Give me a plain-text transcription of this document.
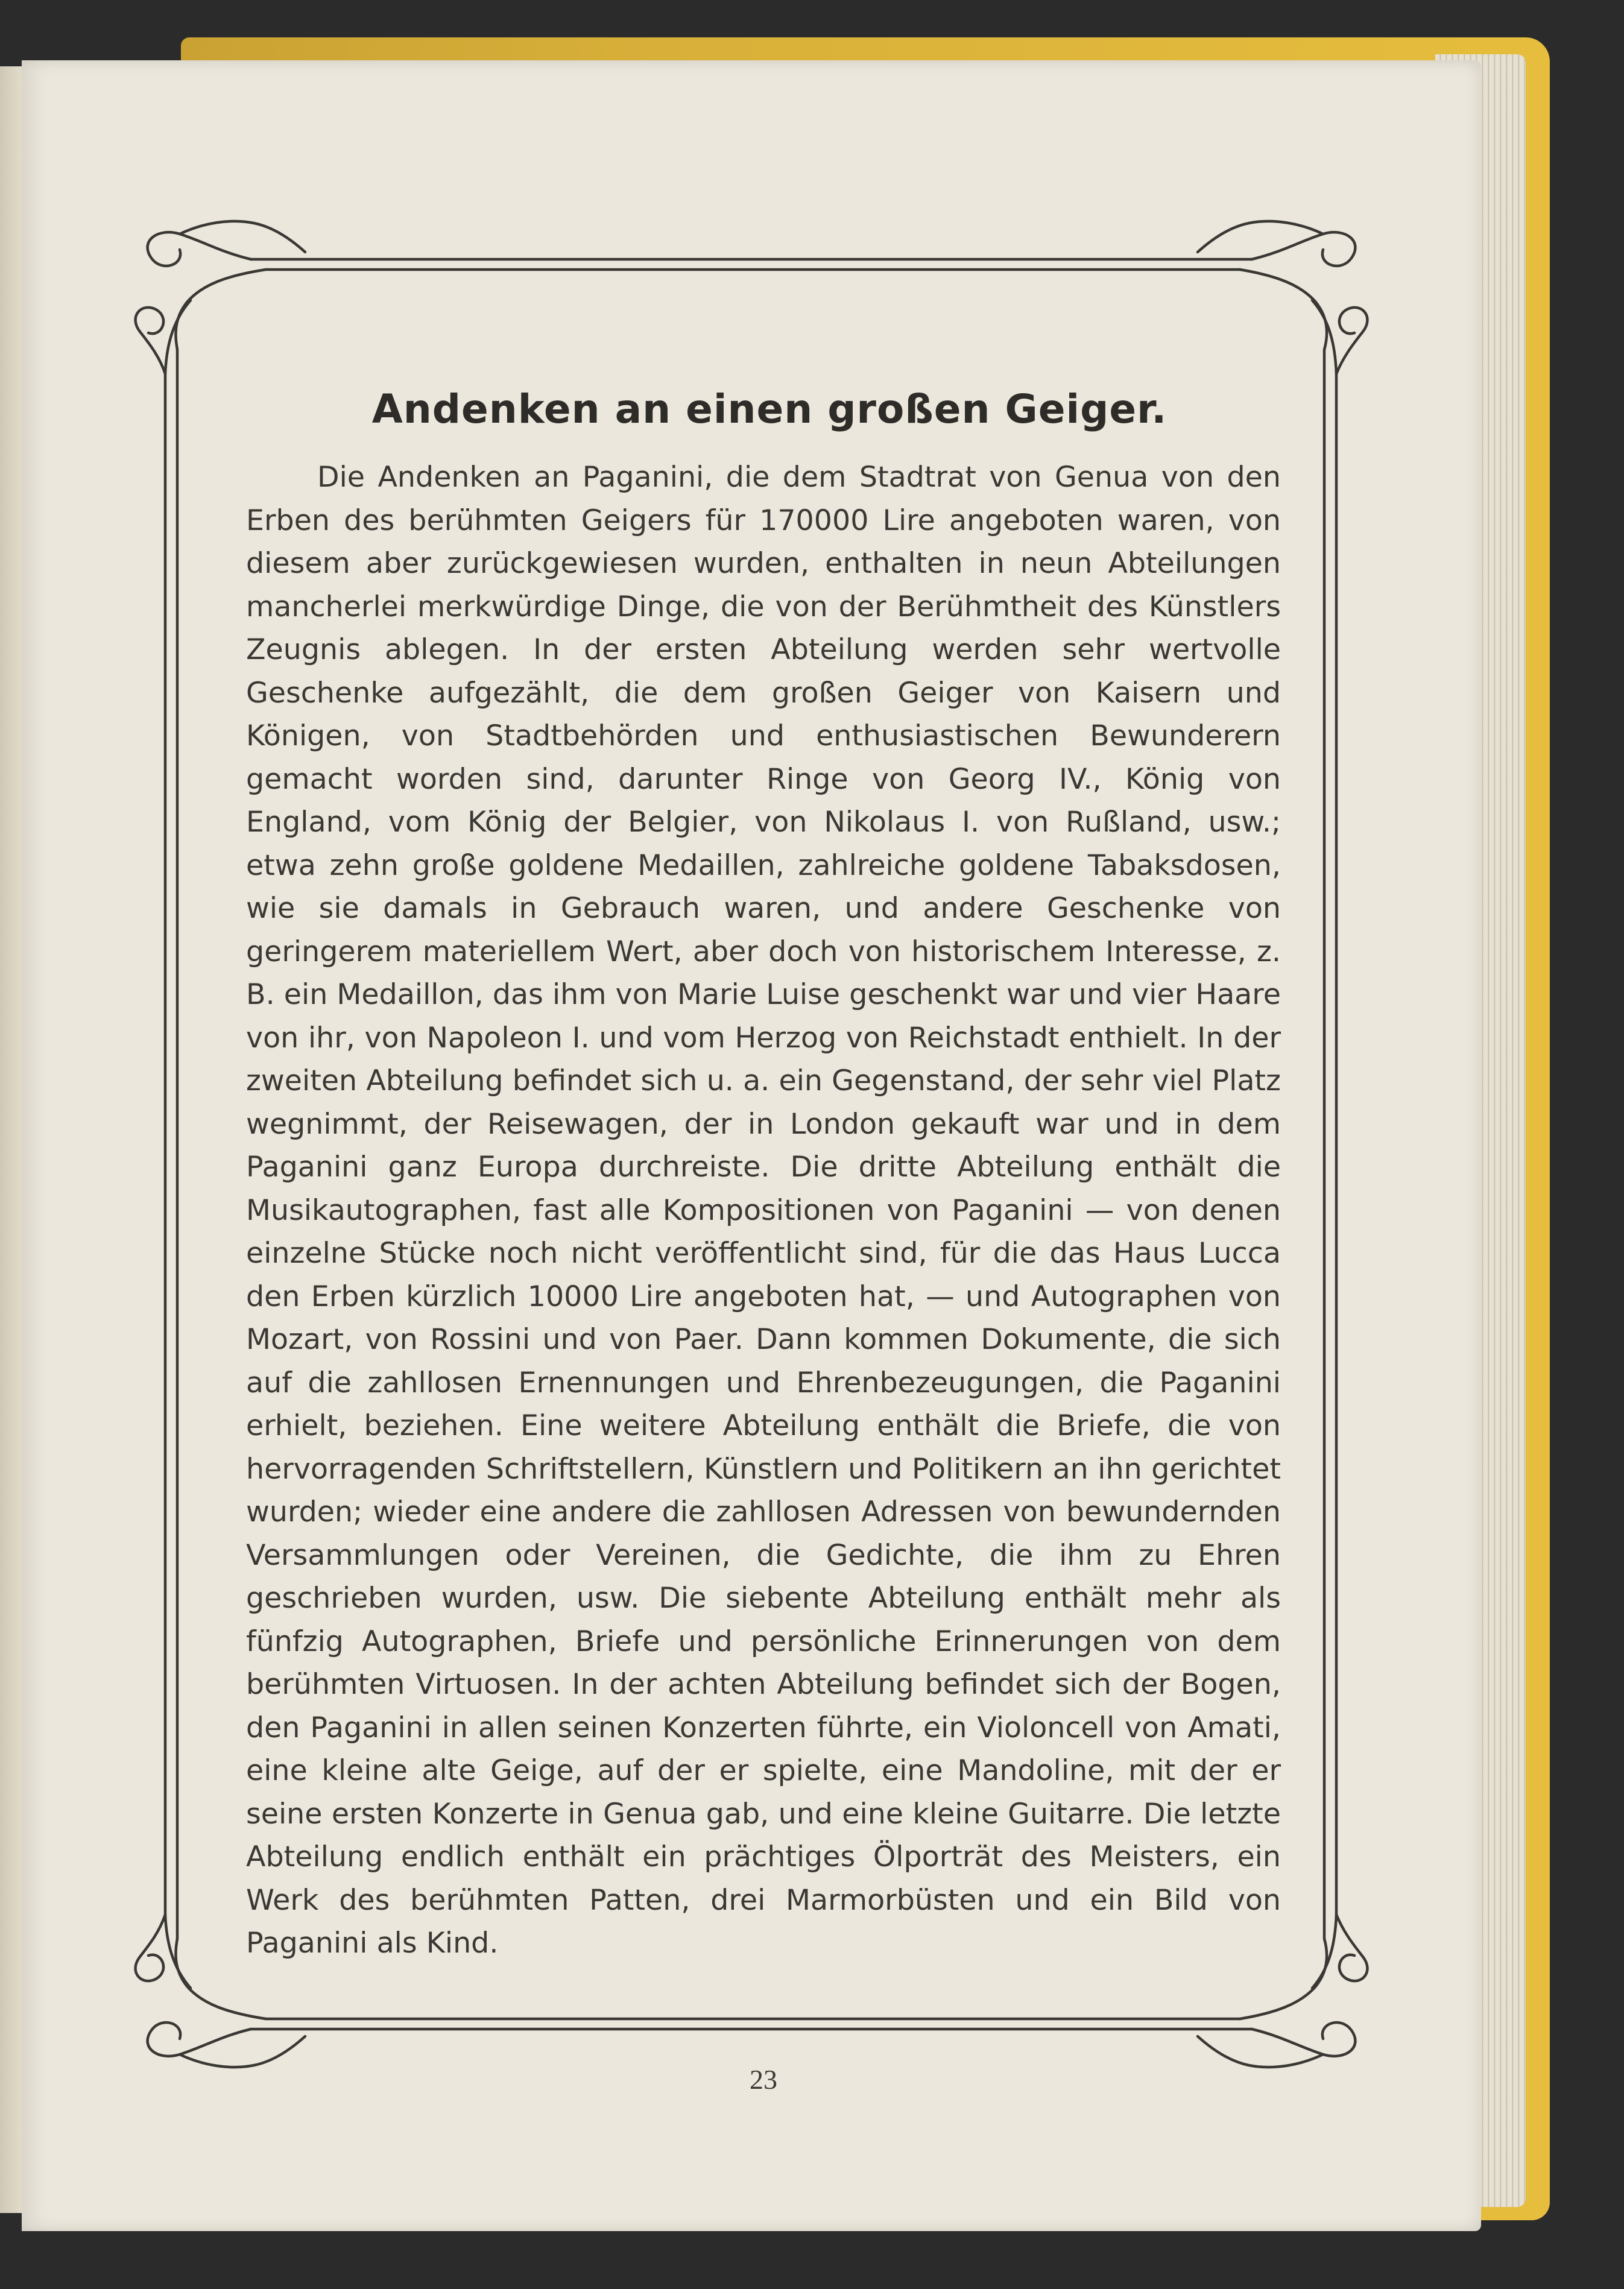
Andenken an einen großen Geiger.

Die Andenken an Paganini, die dem Stadtrat von Genua von den Erben des berühmten Geigers für 170000 Lire angeboten waren, von diesem aber zurückgewiesen wurden, enthalten in neun Abteilungen mancherlei merkwürdige Dinge, die von der Berühmtheit des Künstlers Zeugnis ablegen. In der ersten Abteilung werden sehr wertvolle Geschenke aufgezählt, die dem großen Geiger von Kaisern und Königen, von Stadtbehörden und enthusiastischen Bewunderern gemacht worden sind, darunter Ringe von Georg IV., König von England, vom König der Belgier, von Nikolaus I. von Rußland, usw.; etwa zehn große goldene Medaillen, zahlreiche goldene Tabaksdosen, wie sie damals in Gebrauch waren, und andere Geschenke von geringerem materiellem Wert, aber doch von historischem Interesse, z. B. ein Medaillon, das ihm von Marie Luise geschenkt war und vier Haare von ihr, von Napoleon I. und vom Herzog von Reichstadt enthielt. In der zweiten Abteilung befindet sich u. a. ein Gegenstand, der sehr viel Platz wegnimmt, der Reisewagen, der in London gekauft war und in dem Paganini ganz Europa durchreiste. Die dritte Abteilung enthält die Musikautographen, fast alle Kompositionen von Paganini — von denen einzelne Stücke noch nicht veröffentlicht sind, für die das Haus Lucca den Erben kürzlich 10000 Lire angeboten hat, — und Autographen von Mozart, von Rossini und von Paer. Dann kommen Dokumente, die sich auf die zahllosen Ernennungen und Ehrenbezeugungen, die Paganini erhielt, beziehen. Eine weitere Abteilung enthält die Briefe, die von hervorragenden Schriftstellern, Künstlern und Politikern an ihn gerichtet wurden; wieder eine andere die zahllosen Adressen von bewundernden Versammlungen oder Vereinen, die Gedichte, die ihm zu Ehren geschrieben wurden, usw. Die siebente Abteilung enthält mehr als fünfzig Autographen, Briefe und persönliche Erinnerungen von dem berühmten Virtuosen. In der achten Abteilung befindet sich der Bogen, den Paganini in allen seinen Konzerten führte, ein Violoncell von Amati, eine kleine alte Geige, auf der er spielte, eine Mandoline, mit der er seine ersten Konzerte in Genua gab, und eine kleine Guitarre. Die letzte Abteilung endlich enthält ein prächtiges Ölporträt des Meisters, ein Werk des berühmten Patten, drei Marmorbüsten und ein Bild von Paganini als Kind.

23
